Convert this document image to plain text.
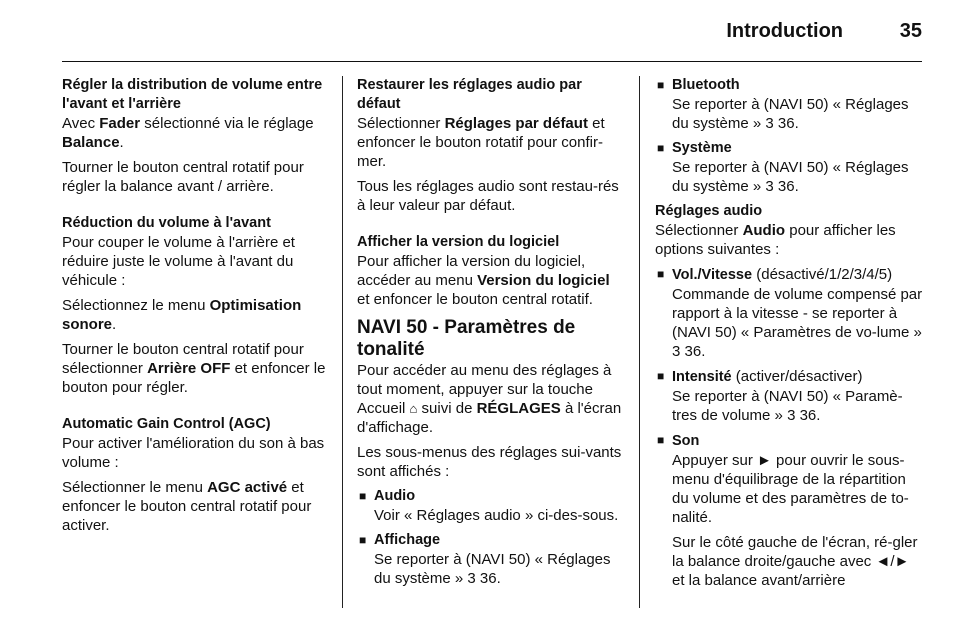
Introduction	35

Régler la distribution de volume entre l'avant et l'arrière

Avec Fader sélectionné via le réglage Balance.

Tourner le bouton central rotatif pour régler la balance avant / arrière.

Réduction du volume à l'avant

Pour couper le volume à l'arrière et réduire juste le volume à l'avant du véhicule :

Sélectionnez le menu Optimisation sonore.

Tourner le bouton central rotatif pour sélectionner Arrière OFF et enfoncer le bouton pour régler.

Automatic Gain Control (AGC)

Pour activer l'amélioration du son à bas volume :

Sélectionner le menu AGC activé et enfoncer le bouton central rotatif pour activer.

Restaurer les réglages audio par défaut

Sélectionner Réglages par défaut et enfoncer le bouton rotatif pour confir-mer.

Tous les réglages audio sont restau-rés à leur valeur par défaut.

Afficher la version du logiciel

Pour afficher la version du logiciel, accéder au menu Version du logiciel et enfoncer le bouton central rotatif.

NAVI 50 - Paramètres de tonalité

Pour accéder au menu des réglages à tout moment, appuyer sur la touche Accueil ⌂ suivi de RÉGLAGES à l'écran d'affichage.

Les sous-menus des réglages sui-vants sont affichés :

■ Audio
Voir « Réglages audio » ci-des-sous.
■ Affichage
Se reporter à (NAVI 50) « Réglages du système » 3 36.
■ Bluetooth
Se reporter à (NAVI 50) « Réglages du système » 3 36.
■ Système
Se reporter à (NAVI 50) « Réglages du système » 3 36.

Réglages audio

Sélectionner Audio pour afficher les options suivantes :

■ Vol./Vitesse (désactivé/1/2/3/4/5)
Commande de volume compensé par rapport à la vitesse - se reporter à (NAVI 50) « Paramètres de vo-lume » 3 36.
■ Intensité (activer/désactiver)
Se reporter à (NAVI 50) « Paramè-tres de volume » 3 36.
■ Son

Appuyer sur ► pour ouvrir le sous-menu d'équilibrage de la répartition du volume et des paramètres de to-nalité.

Sur le côté gauche de l'écran, ré-gler la balance droite/gauche avec ◄/► et la balance avant/arrière
